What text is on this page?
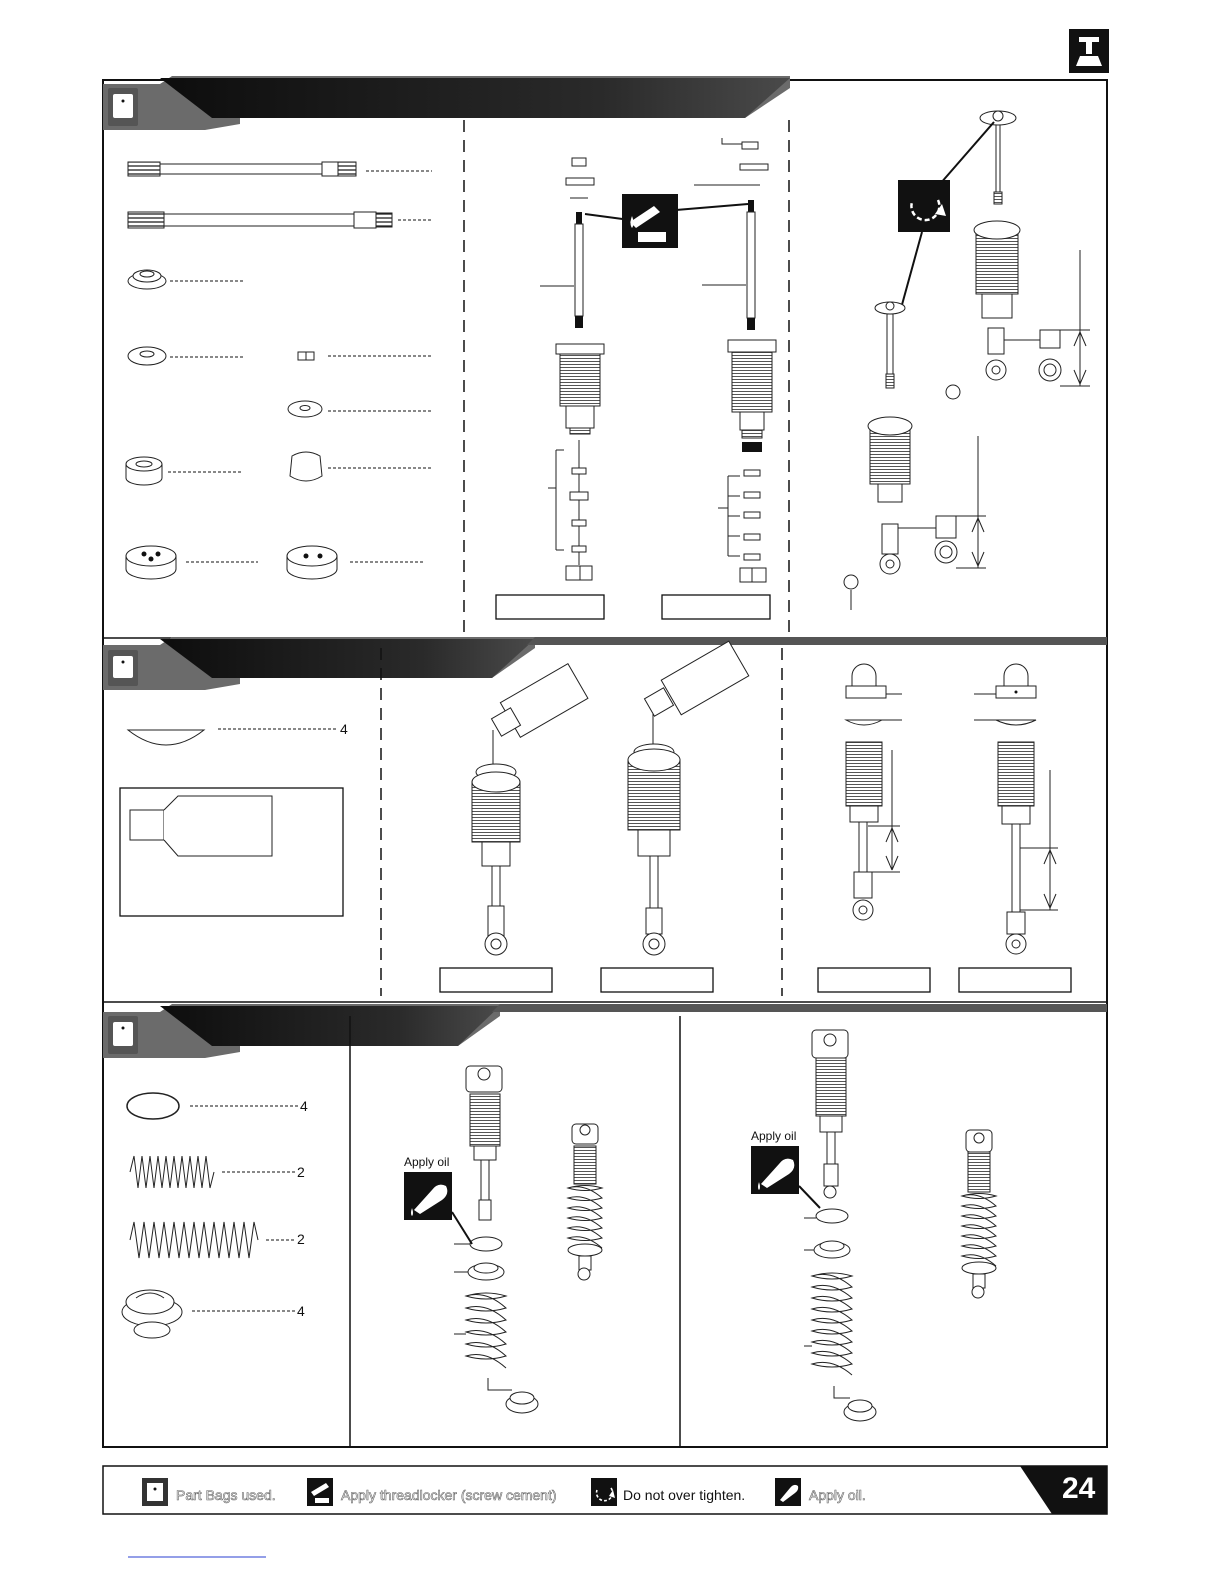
4
4
2
2
4
Apply oil
Apply oil
Part Bags used.	Apply threadlocker (screw cement)	Do not over tighten.	Apply oil.	24
